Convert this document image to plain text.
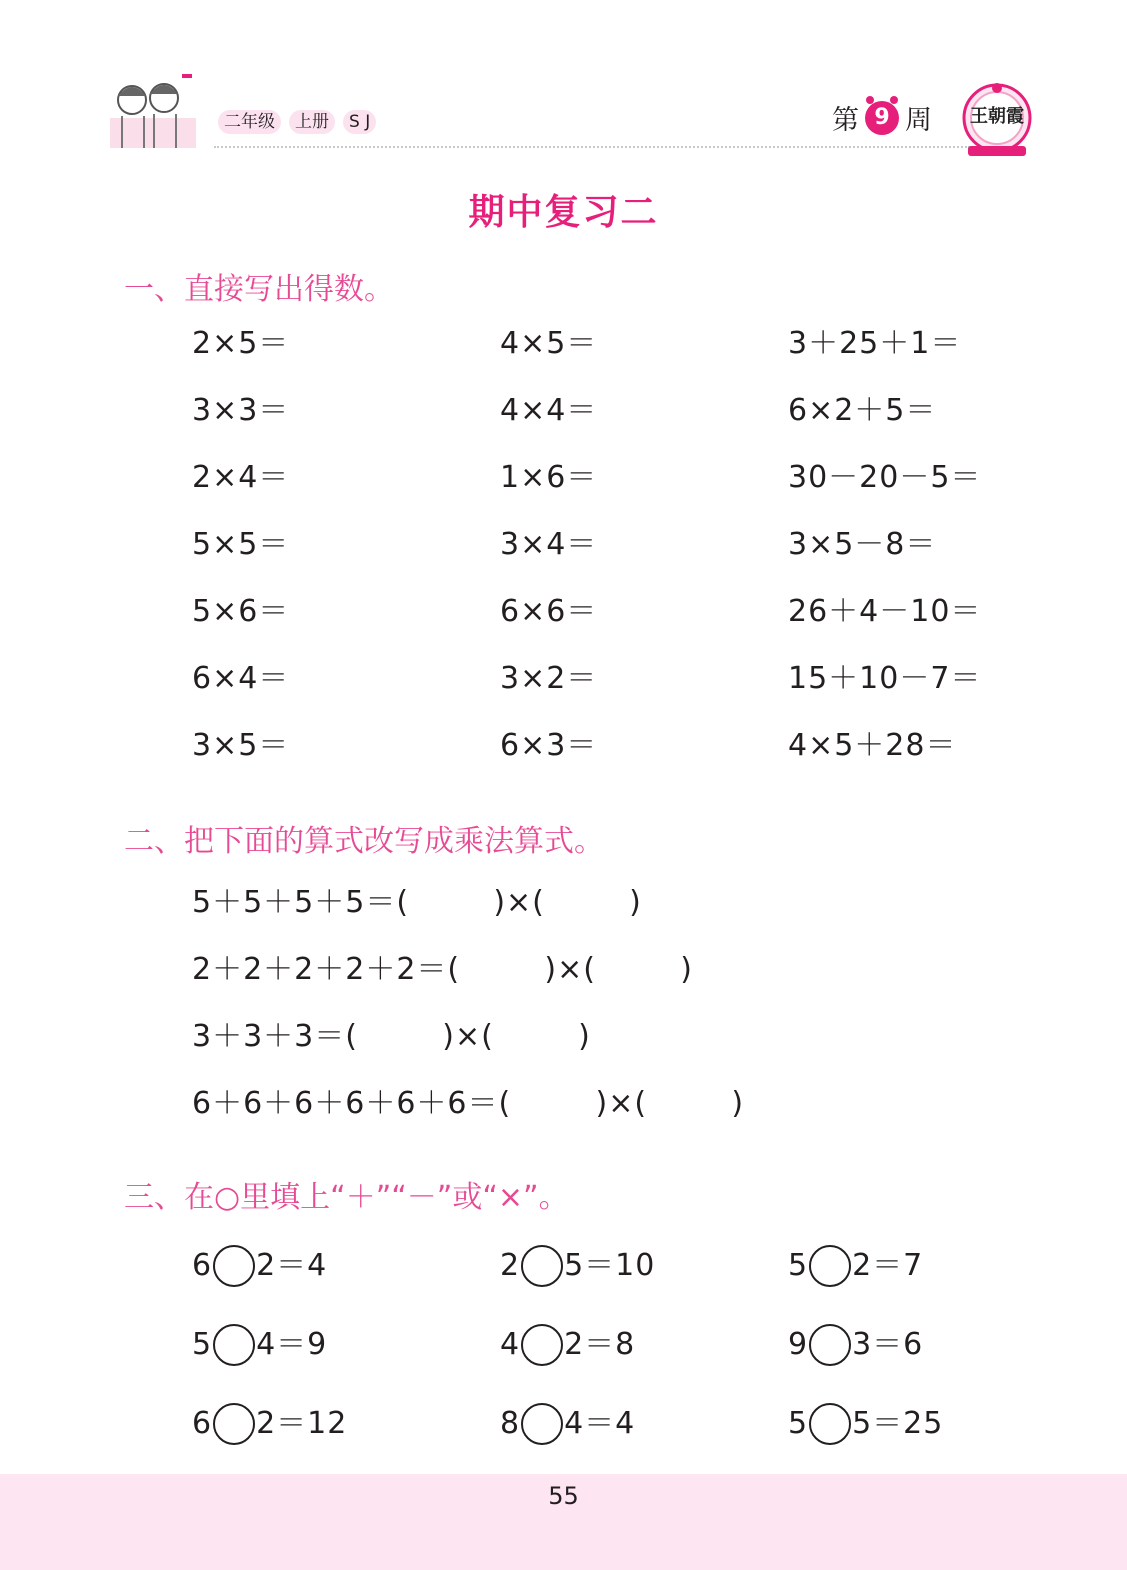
二年级	上册	S J	第 9 周 王朝霞
期中复习二
一、直接写出得数。
2×5＝	4×5＝	3＋25＋1＝
3×3＝	4×4＝	6×2＋5＝
2×4＝	1×6＝	30－20－5＝
5×5＝	3×4＝	3×5－8＝
5×6＝	6×6＝	26＋4－10＝
6×4＝	3×2＝	15＋10－7＝
3×5＝	6×3＝	4×5＋28＝
二、把下面的算式改写成乘法算式。
5＋5＋5＋5＝(        )×(        )
2＋2＋2＋2＋2＝(        )×(        )
3＋3＋3＝(        )×(        )
6＋6＋6＋6＋6＋6＝(        )×(        )
三、在○里填上“＋”“－”或“×”。
6 2＝4	2 5＝10	5 2＝7
5 4＝9	4 2＝8	9 3＝6
6 2＝12	8 4＝4	5 5＝25
55
